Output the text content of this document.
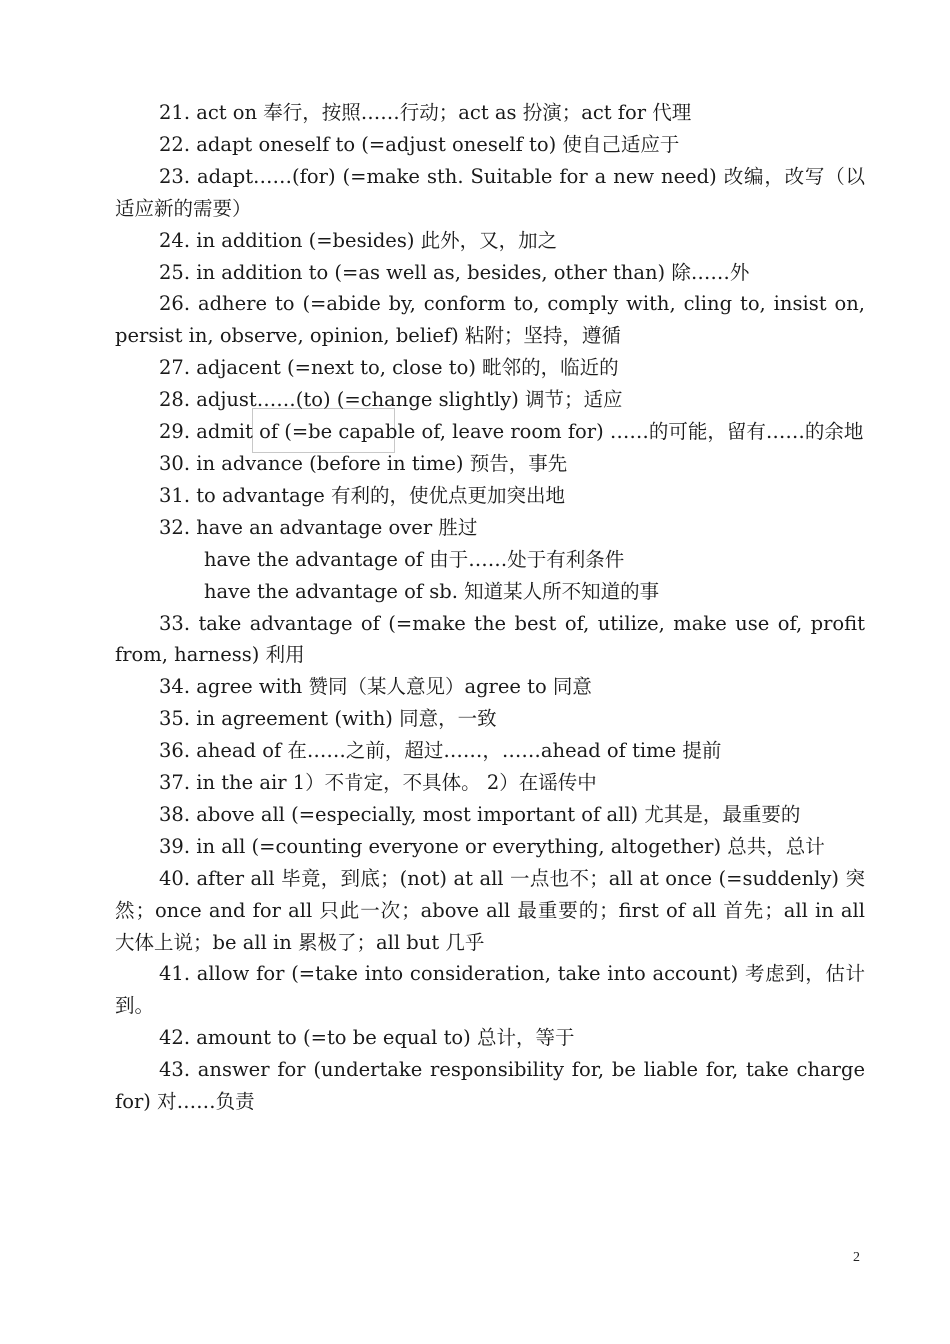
21. act on 奉行，按照……行动；act as 扮演；act for 代理

22. adapt oneself to (=adjust oneself to) 使自己适应于

23. adapt……(for) (=make sth. Suitable for a new need) 改编，改写（以适应新的需要）

24. in addition (=besides) 此外，又，加之

25. in addition to (=as well as, besides, other than) 除……外

26. adhere to (=abide by, conform to, comply with, cling to, insist on, persist in, observe, opinion, belief) 粘附；坚持，遵循

27. adjacent (=next to, close to) 毗邻的，临近的

28. adjust……(to) (=change slightly) 调节；适应

29. admit of (=be capable of, leave room for) ……的可能，留有……的余地

30. in advance (before in time) 预告，事先

31. to advantage 有利的，使优点更加突出地

32. have an advantage over 胜过

have the advantage of 由于……处于有利条件

have the advantage of sb. 知道某人所不知道的事

33. take advantage of (=make the best of, utilize, make use of, profit from, harness) 利用

34. agree with 赞同（某人意见）agree to 同意

35. in agreement (with) 同意，一致

36. ahead of 在……之前，超过……，……ahead of time 提前

37. in the air 1）不肯定，不具体。 2）在谣传中

38. above all (=especially, most important of all) 尤其是，最重要的

39. in all (=counting everyone or everything, altogether) 总共，总计

40. after all 毕竟，到底；(not) at all 一点也不；all at once (=suddenly) 突然；once and for all 只此一次；above all 最重要的；first of all 首先；all in all 大体上说；be all in 累极了；all but 几乎

41. allow for (=take into consideration, take into account) 考虑到，估计到。

42. amount to (=to be equal to) 总计，等于

43. answer for (undertake responsibility for, be liable for, take charge for) 对……负责

2
